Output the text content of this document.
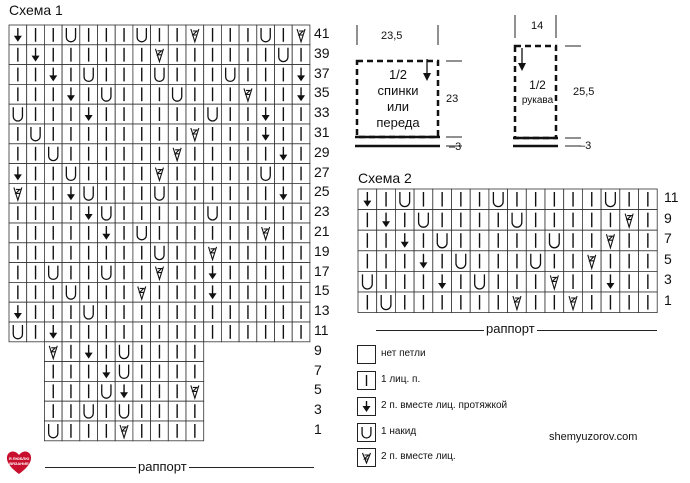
Схема 1
41
39
37
35
33
31
29
27
25
23
21
19
17
15
13
11
9
7
5
3
1
раппорт
Схема 2
11
9
7
5
3
1
раппорт
23,5
23
–3
1/2
спинки
или
переда
14
25,5
–3
1/2
рукава
нет петли
1 лиц. п.
2 п. вместе лиц. протяжкой
1 накид
2 п. вместе лиц.
shemyuzorov.com
Я ЛЮБЛЮ
ВЯЗАНИЕ
